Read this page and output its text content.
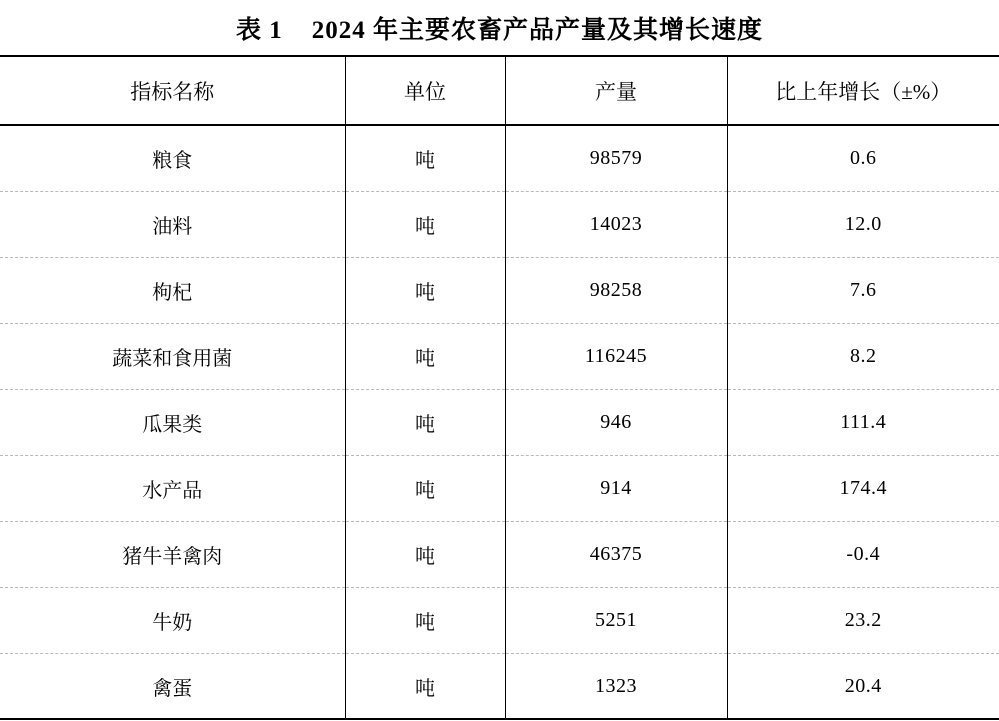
表 1    2024 年主要农畜产品产量及其增长速度
指标名称	单位	产量	比上年增长（±%）
粮食	吨	98579	0.6
油料	吨	14023	12.0
枸杞	吨	98258	7.6
蔬菜和食用菌	吨	116245	8.2
瓜果类	吨	946	111.4
水产品	吨	914	174.4
猪牛羊禽肉	吨	46375	-0.4
牛奶	吨	5251	23.2
禽蛋	吨	1323	20.4
